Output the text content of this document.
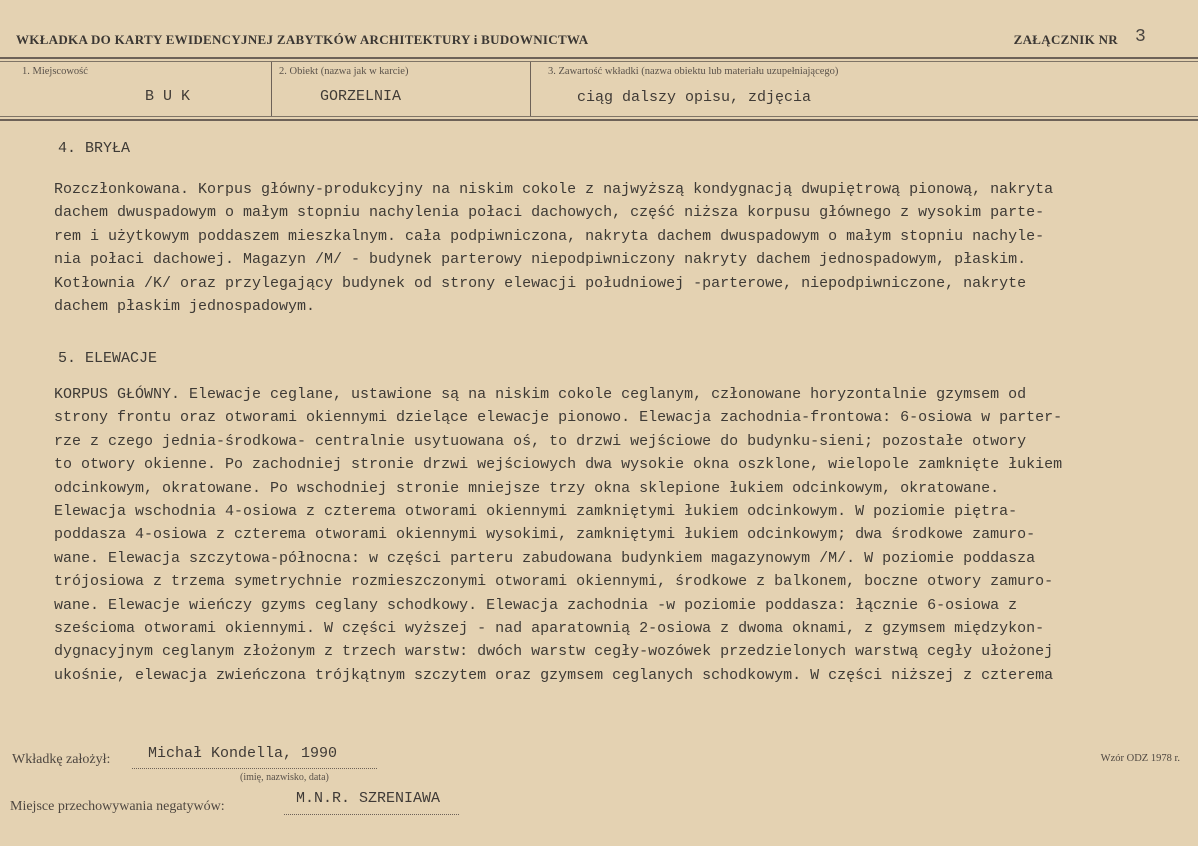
WKŁADKA DO KARTY EWIDENCYJNEJ ZABYTKÓW ARCHITEKTURY i BUDOWNICTWA	ZAŁĄCZNIK NR 3
1. Miejscowość
B U K
2. Obiekt (nazwa jak w karcie)
GORZELNIA
3. Zawartość wkładki (nazwa obiektu lub materiału uzupełniającego)
ciąg dalszy opisu, zdjęcia
4. BRYŁA
Rozczłonkowana. Korpus główny-produkcyjny na niskim cokole z najwyższą kondygnacją dwupiętrową pionową, nakryta
dachem dwuspadowym o małym stopniu nachylenia połaci dachowych, część niższa korpusu głównego z wysokim parte-
rem i użytkowym poddaszem mieszkalnym. cała podpiwniczona, nakryta dachem dwuspadowym o małym stopniu nachyle-
nia połaci dachowej. Magazyn /M/ - budynek parterowy niepodpiwniczony nakryty dachem jednospadowym, płaskim.
Kotłownia /K/ oraz przylegający budynek od strony elewacji południowej -parterowe, niepodpiwniczone, nakryte
dachem płaskim jednospadowym.
5. ELEWACJE
KORPUS GŁÓWNY. Elewacje ceglane, ustawione są na niskim cokole ceglanym, członowane horyzontalnie gzymsem od
strony frontu oraz otworami okiennymi dzielące elewacje pionowo. Elewacja zachodnia-frontowa: 6-osiowa w parter-
rze z czego jednia-środkowa- centralnie usytuowana oś, to drzwi wejściowe do budynku-sieni; pozostałe otwory
to otwory okienne. Po zachodniej stronie drzwi wejściowych dwa wysokie okna oszklone, wielopole zamknięte łukiem
odcinkowym, okratowane. Po wschodniej stronie mniejsze trzy okna sklepione łukiem odcinkowym, okratowane.
Elewacja wschodnia 4-osiowa z czterema otworami okiennymi zamkniętymi łukiem odcinkowym. W poziomie piętra-
poddasza 4-osiowa z czterema otworami okiennymi wysokimi, zamkniętymi łukiem odcinkowym; dwa środkowe zamuro-
wane. Elewacja szczytowa-północna: w części parteru zabudowana budynkiem magazynowym /M/. W poziomie poddasza
trójosiowa z trzema symetrychnie rozmieszczonymi otworami okiennymi, środkowe z balkonem, boczne otwory zamuro-
wane. Elewacje wieńczy gzyms ceglany schodkowy. Elewacja zachodnia -w poziomie poddasza: łącznie 6-osiowa z
sześcioma otworami okiennymi. W części wyższej - nad aparatownią 2-osiowa z dwoma oknami, z gzymsem międzykon-
dygnacyjnym ceglanym złożonym z trzech warstw: dwóch warstw cegły-wozówek przedzielonych warstwą cegły ułożonej
ukośnie, elewacja zwieńczona trójkątnym szczytem oraz gzymsem ceglanych schodkowym. W części niższej z czterema
Wkładkę założył:	Michał Kondella, 1990
(imię, nazwisko, data)
Miejsce przechowywania negatywów:	M.N.R. SZRENIAWA
Wzór ODZ 1978 r.
